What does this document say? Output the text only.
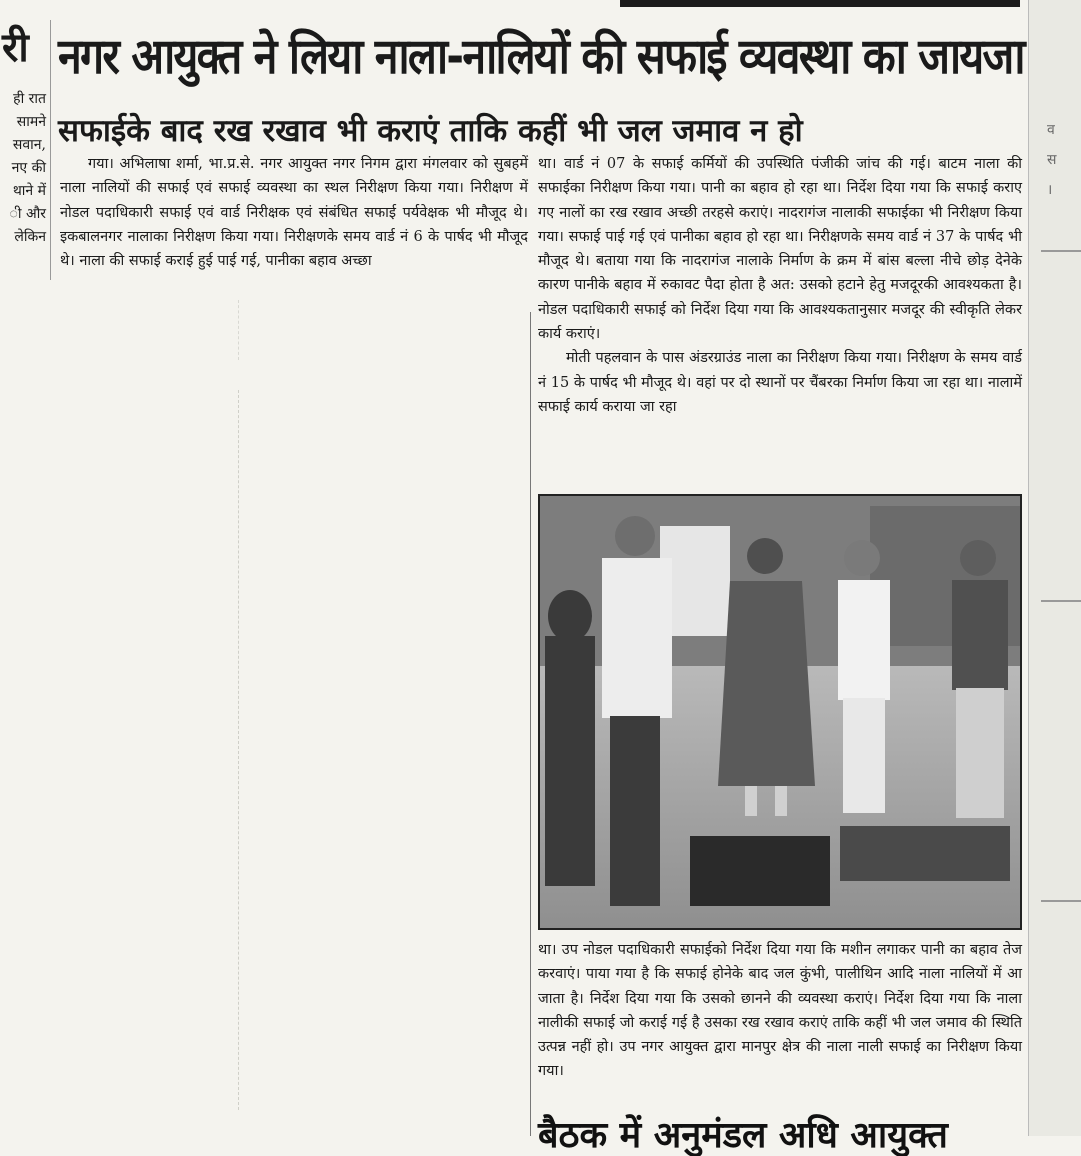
री
ही रात
सामने
सवान,
नए की
थाने में
ी और
लेकिन
नगर आयुक्त ने लिया नाला-नालियों की सफाई व्यवस्था का जायजा
सफाईके बाद रख रखाव भी कराएं ताकि कहीं भी जल जमाव न हो

गया। अभिलाषा शर्मा, भा.प्र.से. नगर आयुक्त नगर निगम द्वारा मंगलवार को सुबहमें नाला नालियों की सफाई एवं सफाई व्यवस्था का स्थल निरीक्षण किया गया। निरीक्षण में नोडल पदाधिकारी सफाई एवं वार्ड निरीक्षक एवं संबंधित सफाई पर्यवेक्षक भी मौजूद थे। इकबालनगर नालाका निरीक्षण किया गया। निरीक्षणके समय वार्ड नं 6 के पार्षद भी मौजूद थे। नाला की सफाई कराई हुई पाई गई, पानीका बहाव अच्छा

था। वार्ड नं 07 के सफाई कर्मियों की उपस्थिति पंजीकी जांच की गई। बाटम नाला की सफाईका निरीक्षण किया गया। पानी का बहाव हो रहा था। निर्देश दिया गया कि सफाई कराए गए नालों का रख रखाव अच्छी तरहसे कराएं। नादरागंज नालाकी सफाईका भी निरीक्षण किया गया। सफाई पाई गई एवं पानीका बहाव हो रहा था। निरीक्षणके समय वार्ड नं 37 के पार्षद भी मौजूद थे। बताया गया कि नादरागंज नालाके निर्माण के क्रम में बांस बल्ला नीचे छोड़ देनेके कारण पानीके बहाव में रुकावट पैदा होता है अत: उसको हटाने हेतु मजदूरकी आवश्यकता है। नोडल पदाधिकारी सफाई को निर्देश दिया गया कि आवश्यकतानुसार मजदूर की स्वीकृति लेकर कार्य कराएं।

मोती पहलवान के पास अंडरग्राउंड नाला का निरीक्षण किया गया। निरीक्षण के समय वार्ड नं 15 के पार्षद भी मौजूद थे। वहां पर दो स्थानों पर चैंबरका निर्माण किया जा रहा था। नालामें सफाई कार्य कराया जा रहा

था। उप नोडल पदाधिकारी सफाईको निर्देश दिया गया कि मशीन लगाकर पानी का बहाव तेज करवाएं। पाया गया है कि सफाई होनेके बाद जल कुंभी, पालीथिन आदि नाला नालियों में आ जाता है। निर्देश दिया गया कि उसको छानने की व्यवस्था कराएं। निर्देश दिया गया कि नाला नालीकी सफाई जो कराई गई है उसका रख रखाव कराएं ताकि कहीं भी जल जमाव की स्थिति उत्पन्न नहीं हो। उप नगर आयुक्त द्वारा मानपुर क्षेत्र की नाला नाली सफाई का निरीक्षण किया गया।

बैठक में अनुमंडल अधि आयुक्त
व
स
।
